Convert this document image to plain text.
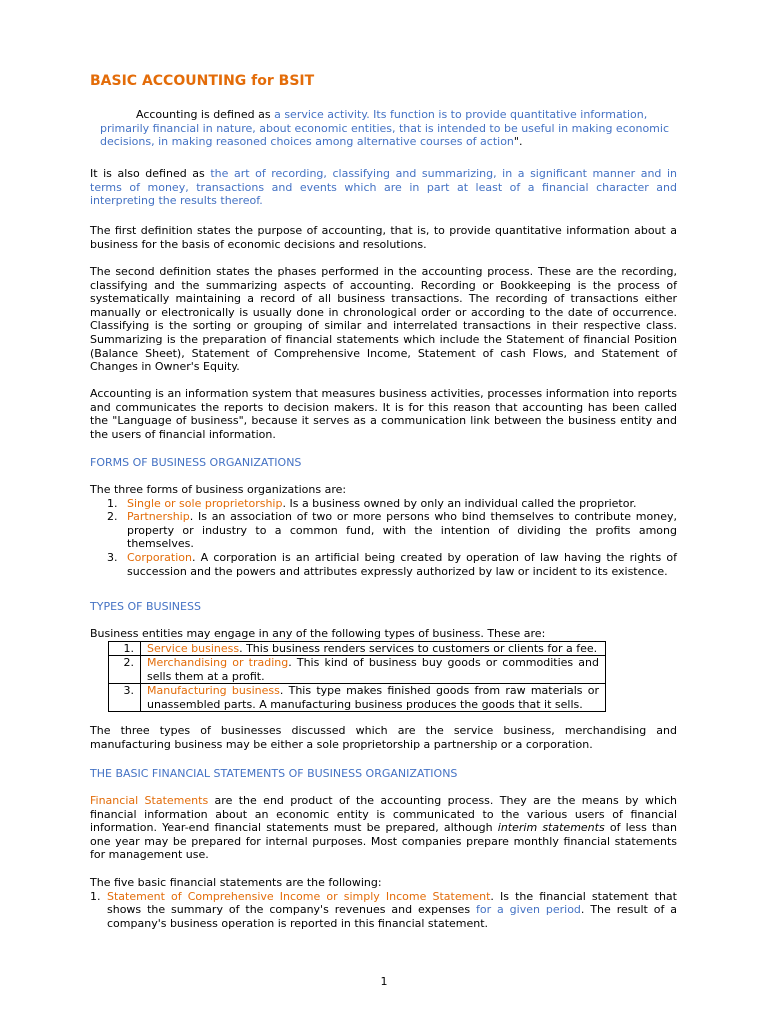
BASIC ACCOUNTING for BSIT
Accounting is defined as a service activity. Its function is to provide quantitative information, primarily financial in nature, about economic entities, that is intended to be useful in making economic decisions, in making reasoned choices among alternative courses of action".
It is also defined as the art of recording, classifying and summarizing, in a significant manner and in terms of money, transactions and events which are in part at least of a financial character and interpreting the results thereof.
The first definition states the purpose of accounting, that is, to provide quantitative information about a business for the basis of economic decisions and resolutions.
The second definition states the phases performed in the accounting process. These are the recording, classifying and the summarizing aspects of accounting. Recording or Bookkeeping is the process of systematically maintaining a record of all business transactions. The recording of transactions either manually or electronically is usually done in chronological order or according to the date of occurrence. Classifying is the sorting or grouping of similar and interrelated transactions in their respective class. Summarizing is the preparation of financial statements which include the Statement of financial Position (Balance Sheet), Statement of Comprehensive Income, Statement of cash Flows, and Statement of Changes in Owner's Equity.
Accounting is an information system that measures business activities, processes information into reports and communicates the reports to decision makers. It is for this reason that accounting has been called the "Language of business", because it serves as a communication link between the business entity and the users of financial information.
FORMS OF BUSINESS ORGANIZATIONS
The three forms of business organizations are:
1. Single or sole proprietorship. Is a business owned by only an individual called the proprietor.
2. Partnership. Is an association of two or more persons who bind themselves to contribute money, property or industry to a common fund, with the intention of dividing the profits among themselves.
3. Corporation. A corporation is an artificial being created by operation of law having the rights of succession and the powers and attributes expressly authorized by law or incident to its existence.
TYPES OF BUSINESS
Business entities may engage in any of the following types of business. These are:
1.	Service business. This business renders services to customers or clients for a fee.
2.	Merchandising or trading. This kind of business buy goods or commodities and sells them at a profit.
3.	Manufacturing business. This type makes finished goods from raw materials or unassembled parts. A manufacturing business produces the goods that it sells.
The three types of businesses discussed which are the service business, merchandising and manufacturing business may be either a sole proprietorship a partnership or a corporation.
THE BASIC FINANCIAL STATEMENTS OF BUSINESS ORGANIZATIONS
Financial Statements are the end product of the accounting process. They are the means by which financial information about an economic entity is communicated to the various users of financial information. Year-end financial statements must be prepared, although interim statements of less than one year may be prepared for internal purposes. Most companies prepare monthly financial statements for management use.
The five basic financial statements are the following:
1. Statement of Comprehensive Income or simply Income Statement. Is the financial statement that shows the summary of the company's revenues and expenses for a given period. The result of a company's business operation is reported in this financial statement.
1
